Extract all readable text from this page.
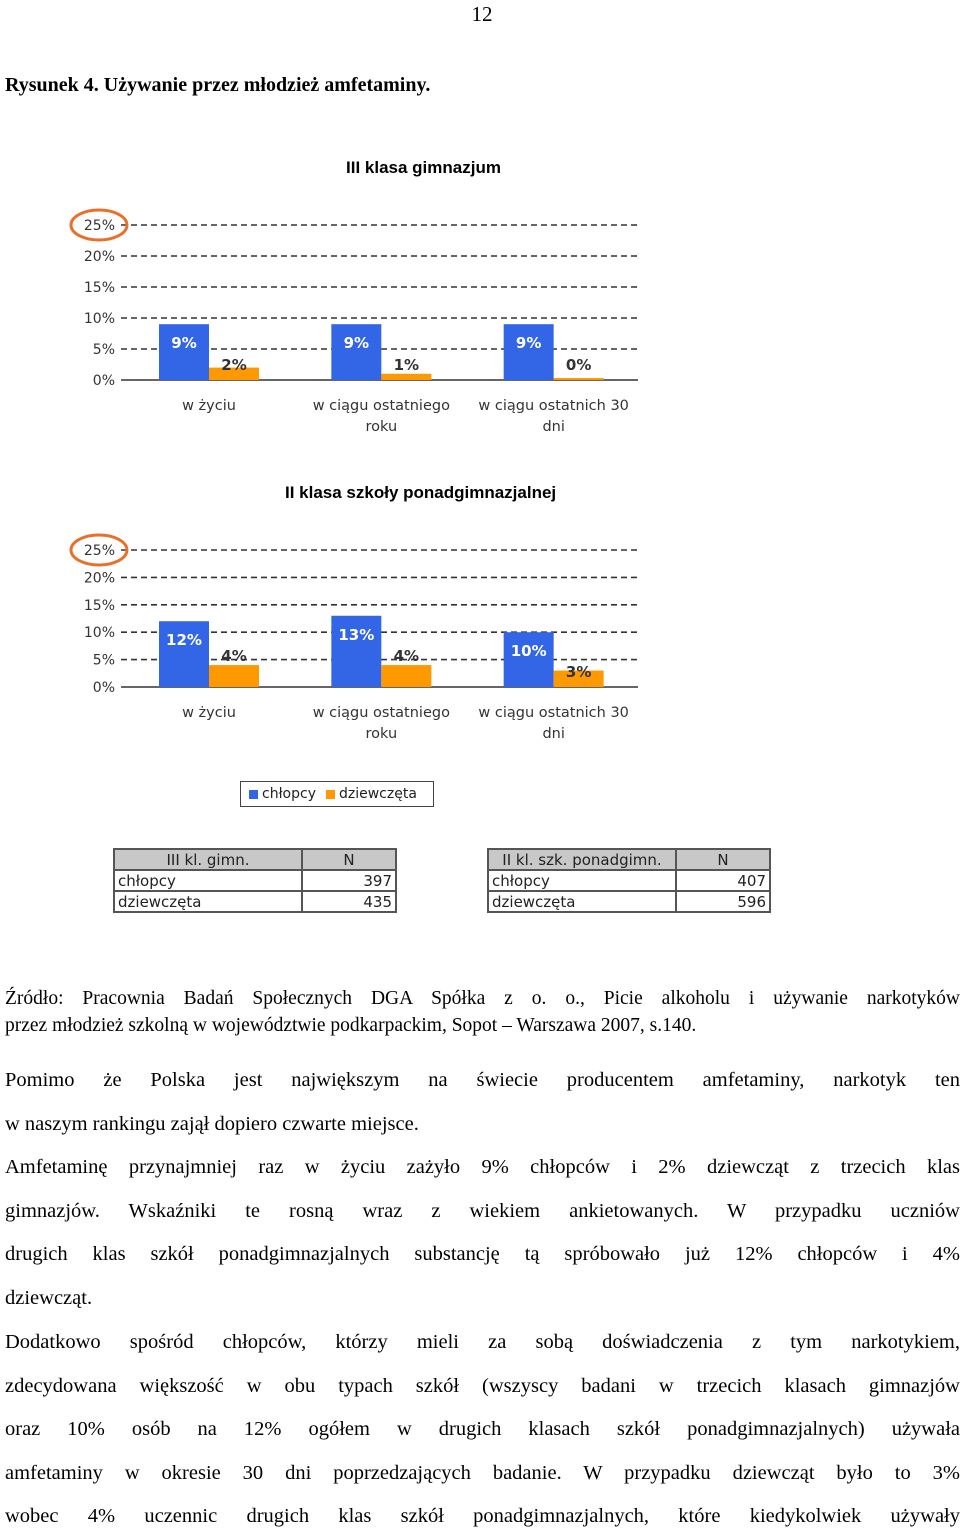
12
Rysunek 4. Używanie przez młodzież amfetaminy.
III klasa gimnazjum
0%
5%
10%
15%
20%
25%
9%
2%
w życiu
9%
1%
w ciągu ostatniego
roku
9%
0%
w ciągu ostatnich 30
dni
II klasa szkoły ponadgimnazjalnej
0%
5%
10%
15%
20%
25%
12%
4%
w życiu
13%
4%
w ciągu ostatniego
roku
10%
3%
w ciągu ostatnich 30
dni
chłopcy dziewczęta
III kl. gimn.	N
chłopcy	397
dziewczęta	435
II kl. szk. ponadgimn.	N
chłopcy	407
dziewczęta	596
Źródło: Pracownia Badań Społecznych DGA Spółka z o. o., Picie alkoholu i używanie narkotyków
przez młodzież szkolną w województwie podkarpackim, Sopot – Warszawa 2007, s.140.
Pomimo że Polska jest największym na świecie producentem amfetaminy, narkotyk ten
w naszym rankingu zajął dopiero czwarte miejsce.
Amfetaminę przynajmniej raz w życiu zażyło 9% chłopców i 2% dziewcząt z trzecich klas
gimnazjów. Wskaźniki te rosną wraz z wiekiem ankietowanych. W przypadku uczniów
drugich klas szkół ponadgimnazjalnych substancję tą spróbowało już 12% chłopców i 4%
dziewcząt.
Dodatkowo spośród chłopców, którzy mieli za sobą doświadczenia z tym narkotykiem,
zdecydowana większość w obu typach szkół (wszyscy badani w trzecich klasach gimnazjów
oraz 10% osób na 12% ogółem w drugich klasach szkół ponadgimnazjalnych) używała
amfetaminy w okresie 30 dni poprzedzających badanie. W przypadku dziewcząt było to 3%
wobec 4% uczennic drugich klas szkół ponadgimnazjalnych, które kiedykolwiek używały
